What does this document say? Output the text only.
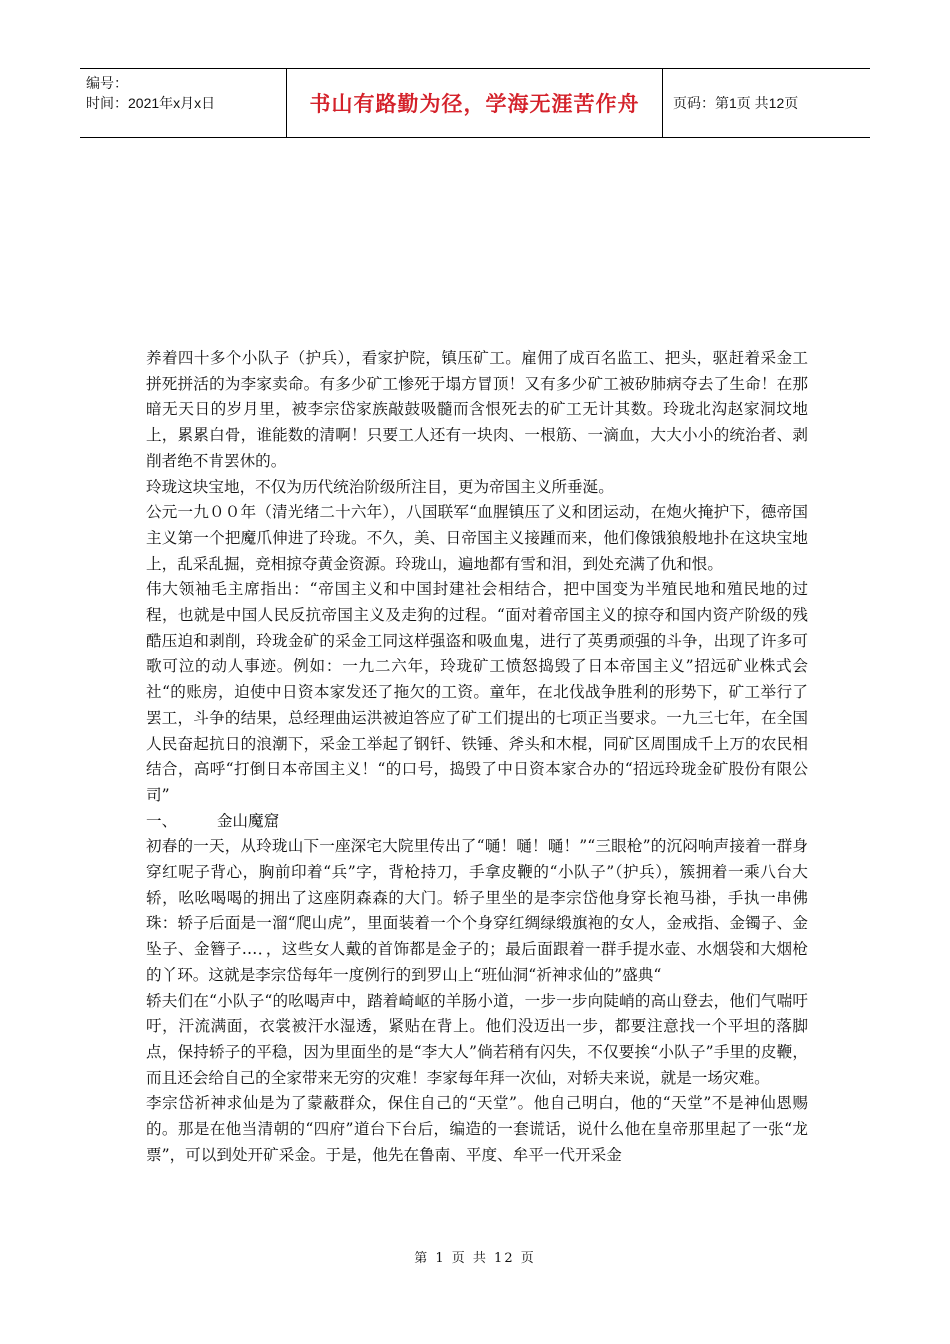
编号：
时间：2021年x月x日	书山有路勤为径，学海无涯苦作舟 页码：第1页 共12页

养着四十多个小队子（护兵），看家护院，镇压矿工。雇佣了成百名监工、把头，驱赶着采金工拼死拼活的为李家卖命。有多少矿工惨死于塌方冒顶！又有多少矿工被矽肺病夺去了生命！在那暗无天日的岁月里，被李宗岱家族敲鼓吸髓而含恨死去的矿工无计其数。玲珑北沟赵家洞坟地上，累累白骨，谁能数的清啊！只要工人还有一块肉、一根筋、一滴血，大大小小的统治者、剥削者绝不肯罢休的。

玲珑这块宝地，不仅为历代统治阶级所注目，更为帝国主义所垂涎。

公元一九００年（清光绪二十六年），八国联军“血腥镇压了义和团运动，在炮火掩护下，德帝国主义第一个把魔爪伸进了玲珑。不久，美、日帝国主义接踵而来，他们像饿狼般地扑在这块宝地上，乱采乱掘，竞相掠夺黄金资源。玲珑山，遍地都有雪和泪，到处充满了仇和恨。

伟大领袖毛主席指出：“帝国主义和中国封建社会相结合，把中国变为半殖民地和殖民地的过程，也就是中国人民反抗帝国主义及走狗的过程。“面对着帝国主义的掠夺和国内资产阶级的残酷压迫和剥削，玲珑金矿的采金工同这样强盗和吸血鬼，进行了英勇顽强的斗争，出现了许多可歌可泣的动人事迹。例如：一九二六年，玲珑矿工愤怒捣毁了日本帝国主义”招远矿业株式会社“的账房，迫使中日资本家发还了拖欠的工资。童年，在北伐战争胜利的形势下，矿工举行了罢工，斗争的结果，总经理曲运洪被迫答应了矿工们提出的七项正当要求。一九三七年，在全国人民奋起抗日的浪潮下，采金工举起了钢钎、铁锤、斧头和木棍，同矿区周围成千上万的农民相结合，高呼“打倒日本帝国主义！“的口号，捣毁了中日资本家合办的“招远玲珑金矿股份有限公司”

一、        金山魔窟

初春的一天，从玲珑山下一座深宅大院里传出了“嗵！嗵！嗵！”“三眼枪”的沉闷响声接着一群身穿红呢子背心，胸前印着“兵”字，背枪持刀，手拿皮鞭的“小队子”（护兵），簇拥着一乘八台大轿，吆吆喝喝的拥出了这座阴森森的大门。轿子里坐的是李宗岱他身穿长袍马褂，手执一串佛珠：轿子后面是一溜“爬山虎”，里面装着一个个身穿红绸绿缎旗袍的女人，金戒指、金镯子、金坠子、金簪子…．，这些女人戴的首饰都是金子的；最后面跟着一群手提水壶、水烟袋和大烟枪的丫环。这就是李宗岱每年一度例行的到罗山上“班仙洞“祈神求仙的”盛典“

轿夫们在“小队子“的吆喝声中，踏着崎岖的羊肠小道，一步一步向陡峭的高山登去，他们气喘吁吁，汗流满面，衣裳被汗水湿透，紧贴在背上。他们没迈出一步，都要注意找一个平坦的落脚点，保持轿子的平稳，因为里面坐的是“李大人”倘若稍有闪失，不仅要挨“小队子”手里的皮鞭，而且还会给自己的全家带来无穷的灾难！李家每年拜一次仙，对轿夫来说，就是一场灾难。

李宗岱祈神求仙是为了蒙蔽群众，保住自己的“天堂”。他自己明白，他的“天堂”不是神仙恩赐的。那是在他当清朝的“四府”道台下台后，编造的一套谎话，说什么他在皇帝那里起了一张“龙票”，可以到处开矿采金。于是，他先在鲁南、平度、牟平一代开采金

第 1 页 共 12 页
